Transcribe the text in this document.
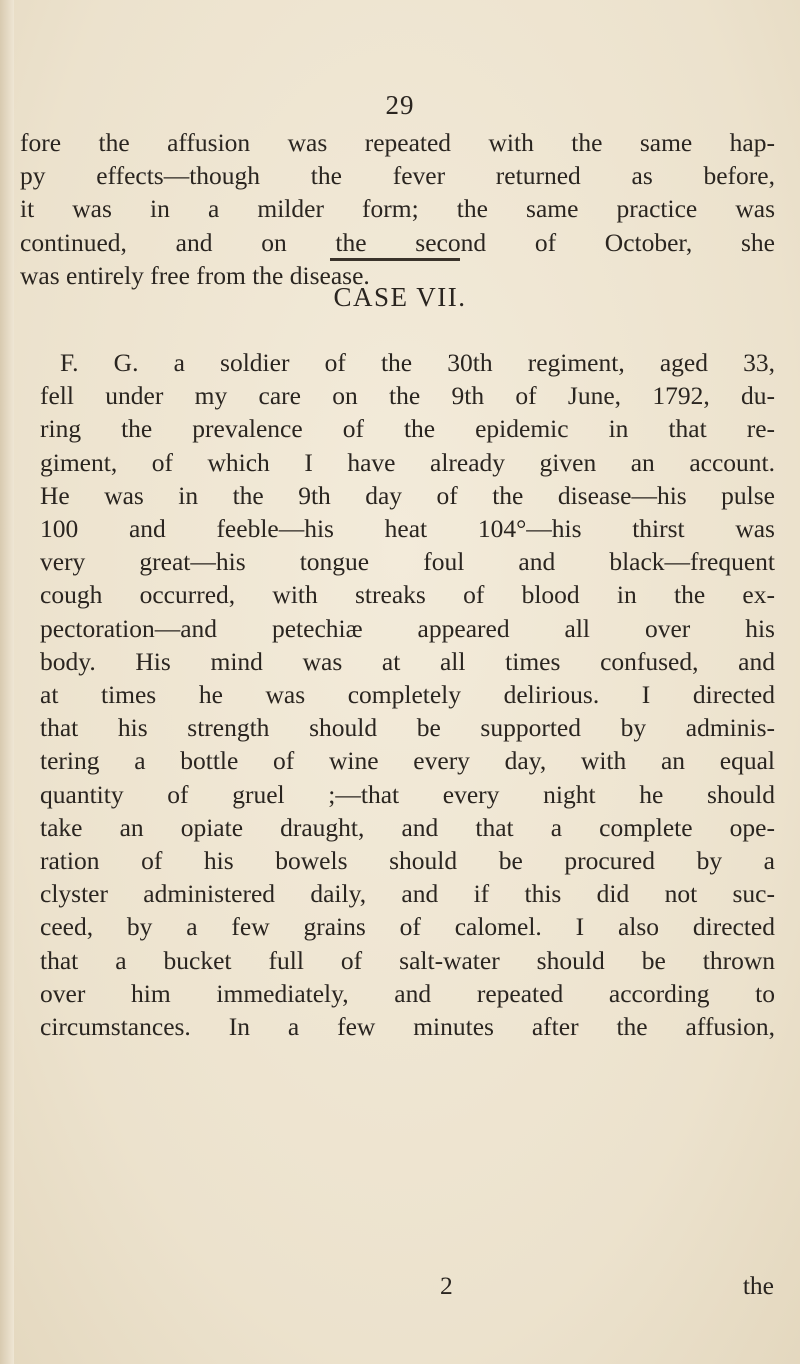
29
fore the affusion was repeated with the same hap-
py effects—though the fever returned as before,
it was in a milder form; the same practice was
continued, and on the second of October, she
was entirely free from the disease.
CASE VII.
F. G. a soldier of the 30th regiment, aged 33,
fell under my care on the 9th of June, 1792, du-
ring the prevalence of the epidemic in that re-
giment, of which I have already given an account.
He was in the 9th day of the disease—his pulse
100 and feeble—his heat 104°—his thirst was
very great—his tongue foul and black—frequent
cough occurred, with streaks of blood in the ex-
pectoration—and petechiæ appeared all over his
body. His mind was at all times confused, and
at times he was completely delirious. I directed
that his strength should be supported by adminis-
tering a bottle of wine every day, with an equal
quantity of gruel ;—that every night he should
take an opiate draught, and that a complete ope-
ration of his bowels should be procured by a
clyster administered daily, and if this did not suc-
ceed, by a few grains of calomel. I also directed
that a bucket full of salt-water should be thrown
over him immediately, and repeated according to
circumstances. In a few minutes after the affusion,
2	the
